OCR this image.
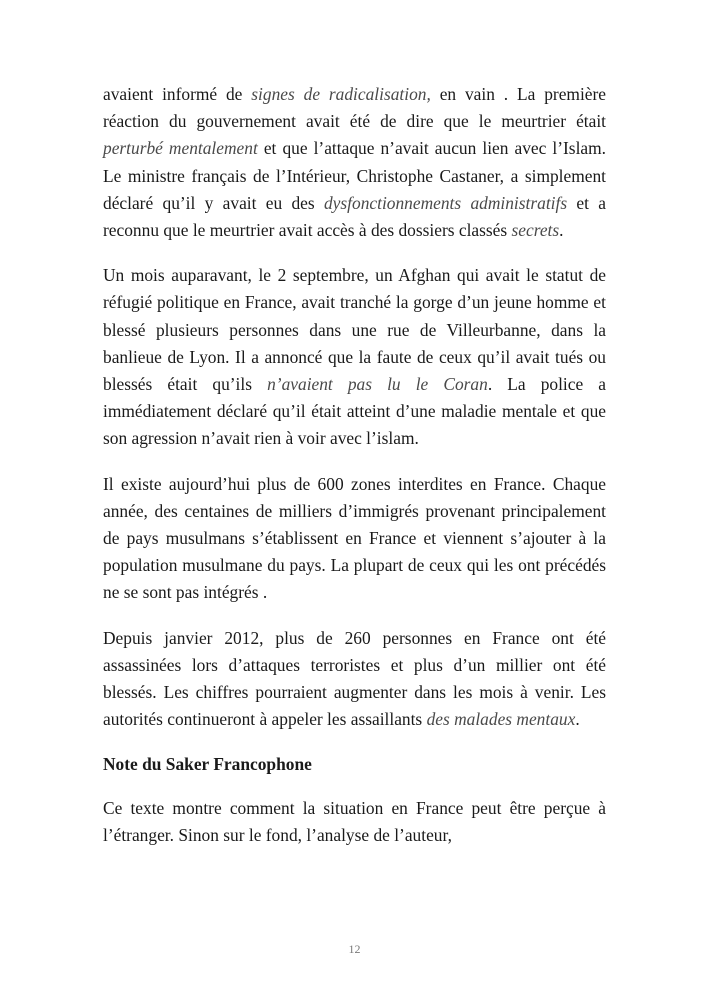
avaient informé de signes de radicalisation, en vain . La première réaction du gouvernement avait été de dire que le meurtrier était perturbé mentalement et que l’attaque n’avait aucun lien avec l’Islam. Le ministre français de l’Intérieur, Christophe Castaner, a simplement déclaré qu’il y avait eu des dysfonctionnements administratifs et a reconnu que le meurtrier avait accès à des dossiers classés secrets.

Un mois auparavant, le 2 septembre, un Afghan qui avait le statut de réfugié politique en France, avait tranché la gorge d’un jeune homme et blessé plusieurs personnes dans une rue de Villeurbanne, dans la banlieue de Lyon. Il a annoncé que la faute de ceux qu’il avait tués ou blessés était qu’ils n’avaient pas lu le Coran. La police a immédiatement déclaré qu’il était atteint d’une maladie mentale et que son agression n’avait rien à voir avec l’islam.

Il existe aujourd’hui plus de 600 zones interdites en France. Chaque année, des centaines de milliers d’immigrés provenant principalement de pays musulmans s’établissent en France et viennent s’ajouter à la population musulmane du pays. La plupart de ceux qui les ont précédés ne se sont pas intégrés .

Depuis janvier 2012, plus de 260 personnes en France ont été assassinées lors d’attaques terroristes et plus d’un millier ont été blessés. Les chiffres pourraient augmenter dans les mois à venir. Les autorités continueront à appeler les assaillants des malades mentaux.

Note du Saker Francophone

Ce texte montre comment la situation en France peut être perçue à l’étranger. Sinon sur le fond, l’analyse de l’auteur,

12
